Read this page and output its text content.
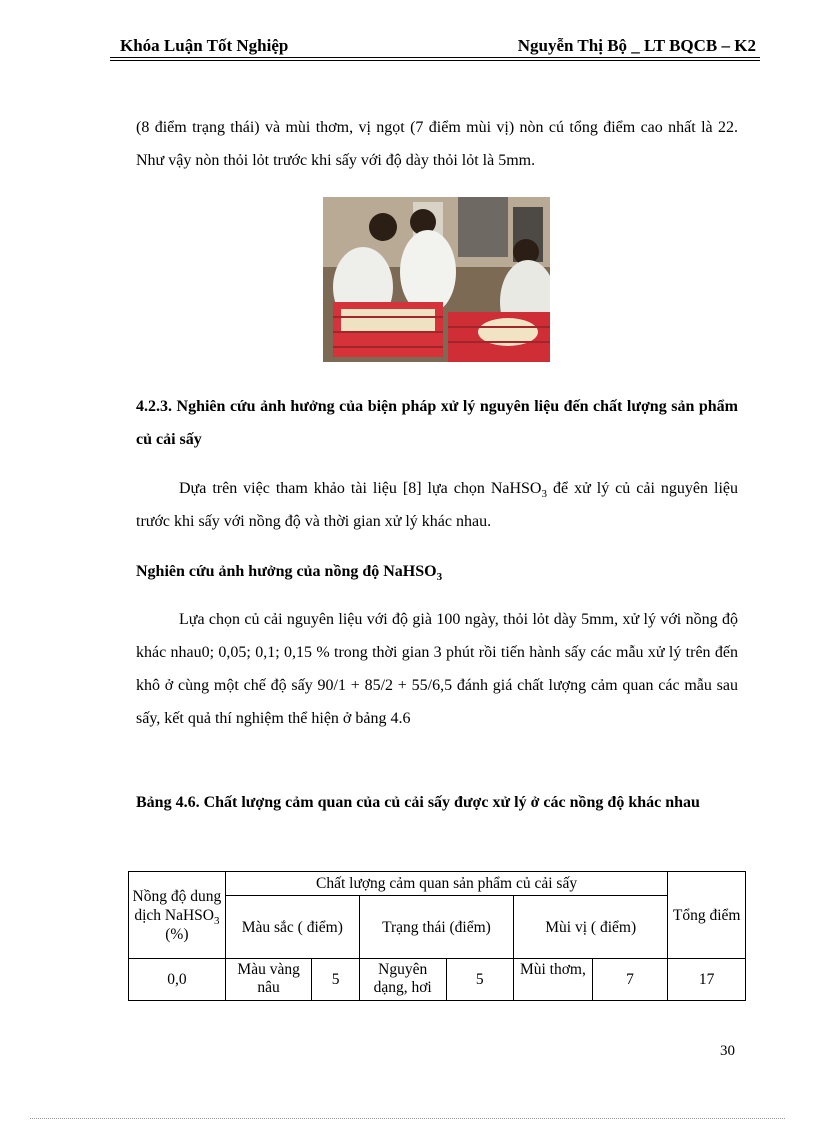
Khóa Luận Tốt Nghiệp	Nguyễn Thị Bộ _ LT BQCB – K2
(8 điểm trạng thái) và mùi thơm, vị ngọt (7 điểm mùi vị) nòn cú tổng điểm cao nhất là 22. Như vậy nòn thỏi lỏt trước khi sấy với độ dày thỏi lỏt là 5mm.
4.2.3. Nghiên cứu ảnh hưởng của biện pháp xử lý nguyên liệu đến chất lượng sản phẩm củ cải sấy
Dựa trên việc tham khảo tài liệu [8] lựa chọn NaHSO$_3$ để xử lý củ cải nguyên liệu trước khi sấy với nồng độ và thời gian xử lý khác nhau.
Nghiên cứu ảnh hưởng của nồng độ NaHSO$_3$
Lựa chọn củ cải nguyên liệu với độ già 100 ngày, thỏi lỏt dày 5mm, xử lý với nồng độ khác nhau0; 0,05; 0,1; 0,15 % trong thời gian 3 phút rồi tiến hành sấy các mẫu xử lý trên đến khô ở cùng một chế độ sấy 90/1 + 85/2 + 55/6,5 đánh giá chất lượng cảm quan các mẫu sau sấy, kết quả thí nghiệm thể hiện ở bảng 4.6
Bảng 4.6. Chất lượng cảm quan của củ cải sấy được xử lý ở các nồng độ khác nhau
Nồng độ dung dịch NaHSO$_3$
(%)	Chất lượng cảm quan sản phẩm củ cải sấy						Tổng điểm
	Màu sắc ( điểm)		Trạng thái (điểm)		Mùi vị ( điểm)		
0,0	Màu vàng nâu	5	Nguyên dạng, hơi	5	Mùi thơm,	7	17
30
